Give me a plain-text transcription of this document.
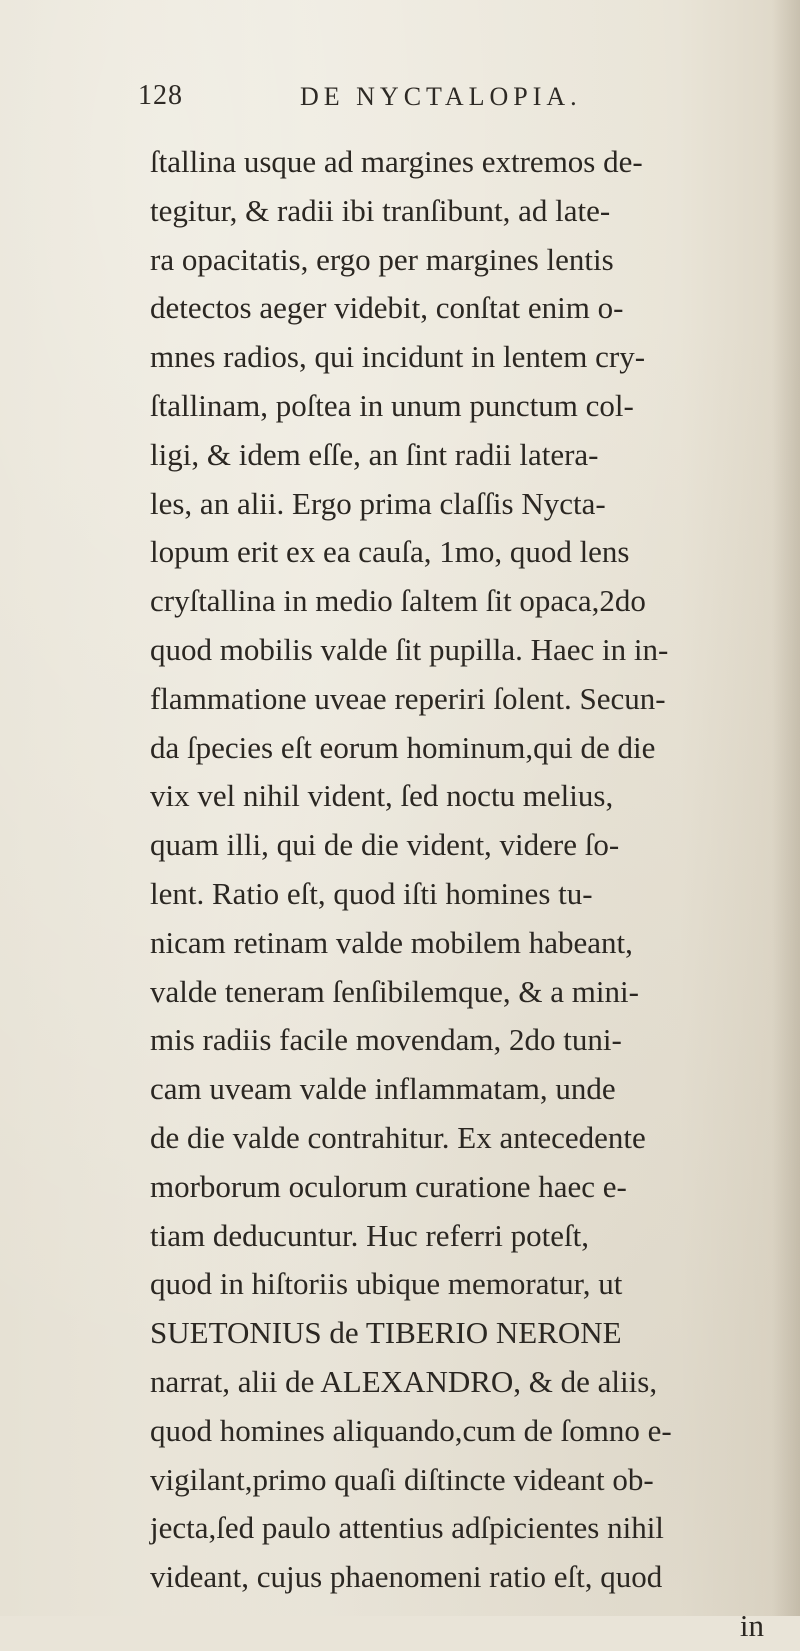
128	DE NYCTALOPIA.
ſtallina usque ad margines extremos de-
tegitur, & radii ibi tranſibunt, ad late-
ra opacitatis, ergo per margines lentis
detectos aeger videbit, conſtat enim o-
mnes radios, qui incidunt in lentem cry-
ſtallinam, poſtea in unum punctum col-
ligi, & idem eſſe, an ſint radii latera-
les, an alii. Ergo prima claſſis Nycta-
lopum erit ex ea cauſa, 1mo, quod lens
cryſtallina in medio ſaltem ſit opaca,2do
quod mobilis valde ſit pupilla. Haec in in-
flammatione uveae reperiri ſolent. Secun-
da ſpecies eſt eorum hominum,qui de die
vix vel nihil vident, ſed noctu melius,
quam illi, qui de die vident, videre ſo-
lent. Ratio eſt, quod iſti homines tu-
nicam retinam valde mobilem habeant,
valde teneram ſenſibilemque, & a mini-
mis radiis facile movendam, 2do tuni-
cam uveam valde inflammatam, unde
de die valde contrahitur. Ex antecedente
morborum oculorum curatione haec e-
tiam deducuntur. Huc referri poteſt,
quod in hiſtoriis ubique memoratur, ut
SUETONIUS de TIBERIO NERONE
narrat, alii de ALEXANDRO, & de aliis,
quod homines aliquando,cum de ſomno e-
vigilant,primo quaſi diſtincte videant ob-
jecta,ſed paulo attentius adſpicientes nihil
videant, cujus phaenomeni ratio eſt, quod
in
